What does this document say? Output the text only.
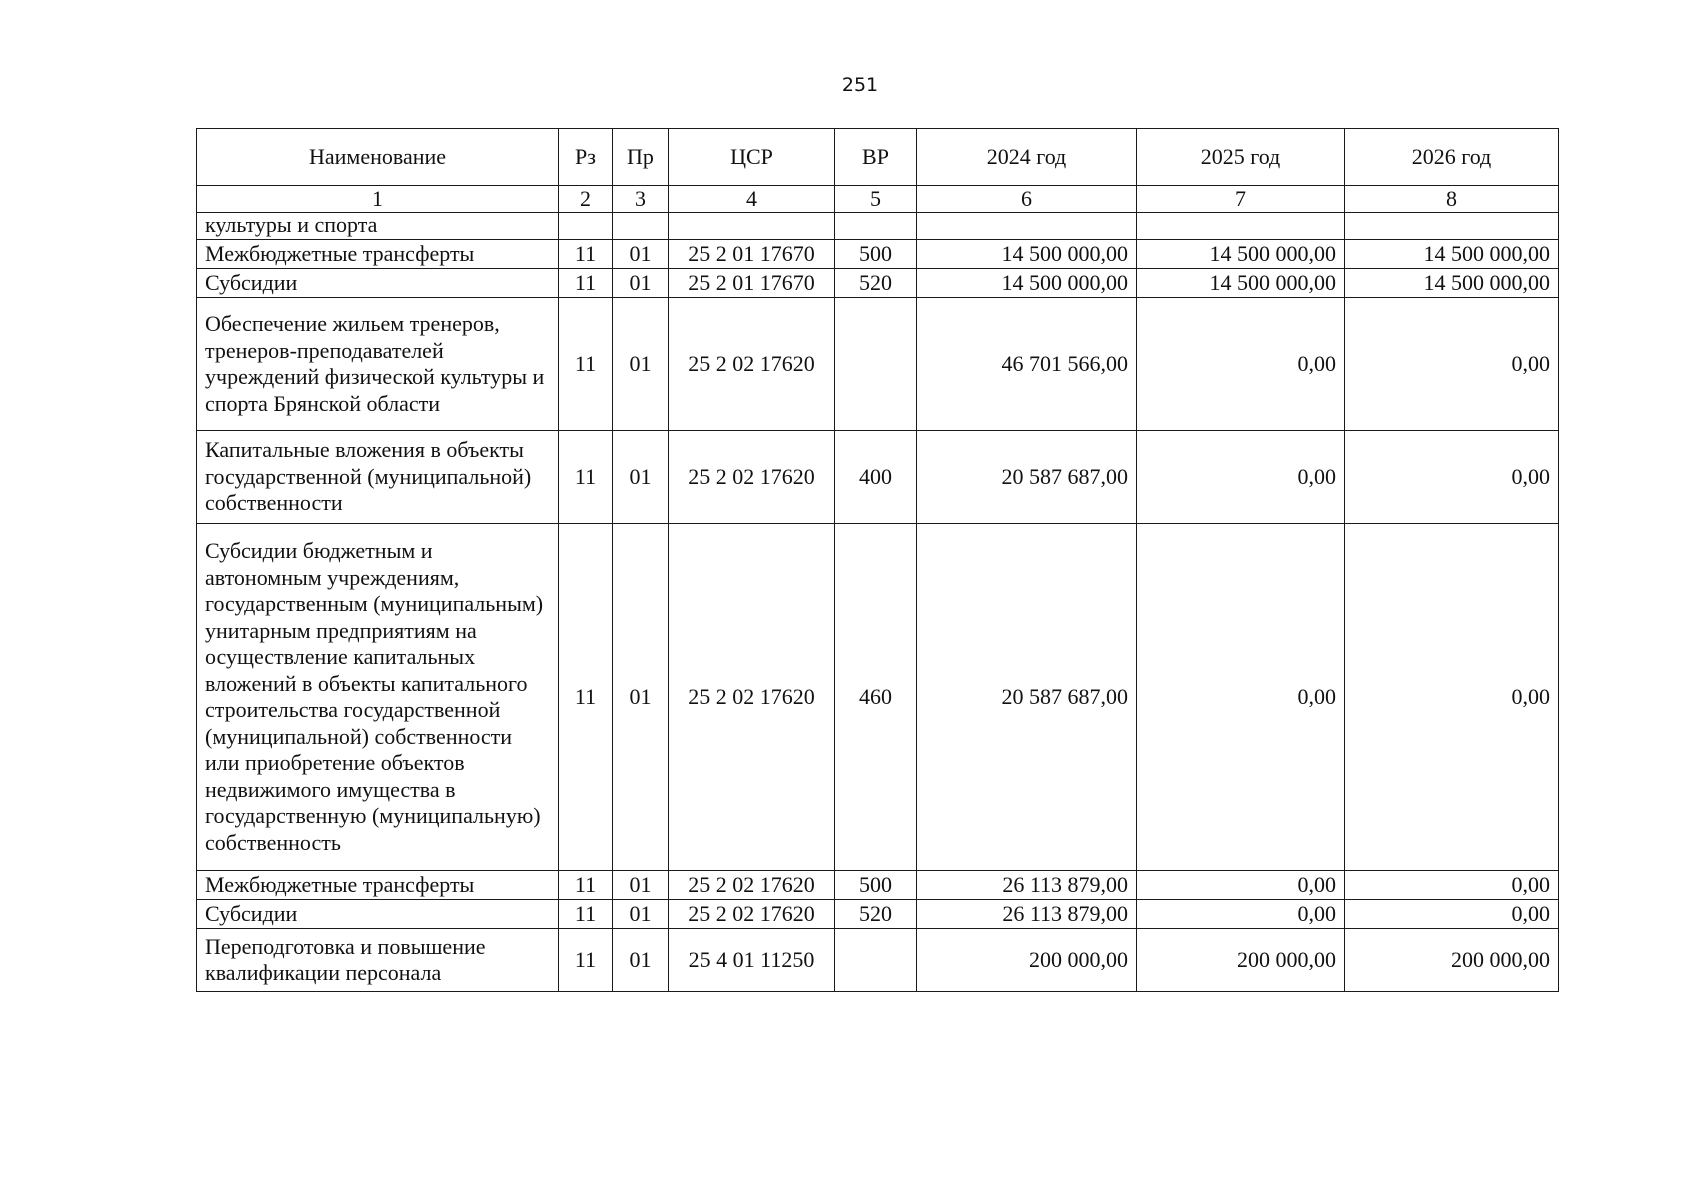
251
Наименование	Рз	Пр	ЦСР	ВР	2024 год	2025 год	2026 год
1	2	3	4	5	6	7	8
культуры и спорта							
Межбюджетные трансферты	11	01	25 2 01 17670	500	14 500 000,00	14 500 000,00	14 500 000,00
Субсидии	11	01	25 2 01 17670	520	14 500 000,00	14 500 000,00	14 500 000,00
Обеспечение жильем тренеров, тренеров-преподавателей учреждений физической культуры и спорта Брянской области	11	01	25 2 02 17620		46 701 566,00	0,00	0,00
Капитальные вложения в объекты государственной (муниципальной) собственности	11	01	25 2 02 17620	400	20 587 687,00	0,00	0,00
Субсидии бюджетным и автономным учреждениям, государственным (муниципальным) унитарным предприятиям на осуществление капитальных вложений в объекты капитального строительства государственной (муниципальной) собственности или приобретение объектов недвижимого имущества в государственную (муниципальную) собственность	11	01	25 2 02 17620	460	20 587 687,00	0,00	0,00
Межбюджетные трансферты	11	01	25 2 02 17620	500	26 113 879,00	0,00	0,00
Субсидии	11	01	25 2 02 17620	520	26 113 879,00	0,00	0,00
Переподготовка и повышение квалификации персонала	11	01	25 4 01 11250		200 000,00	200 000,00	200 000,00
